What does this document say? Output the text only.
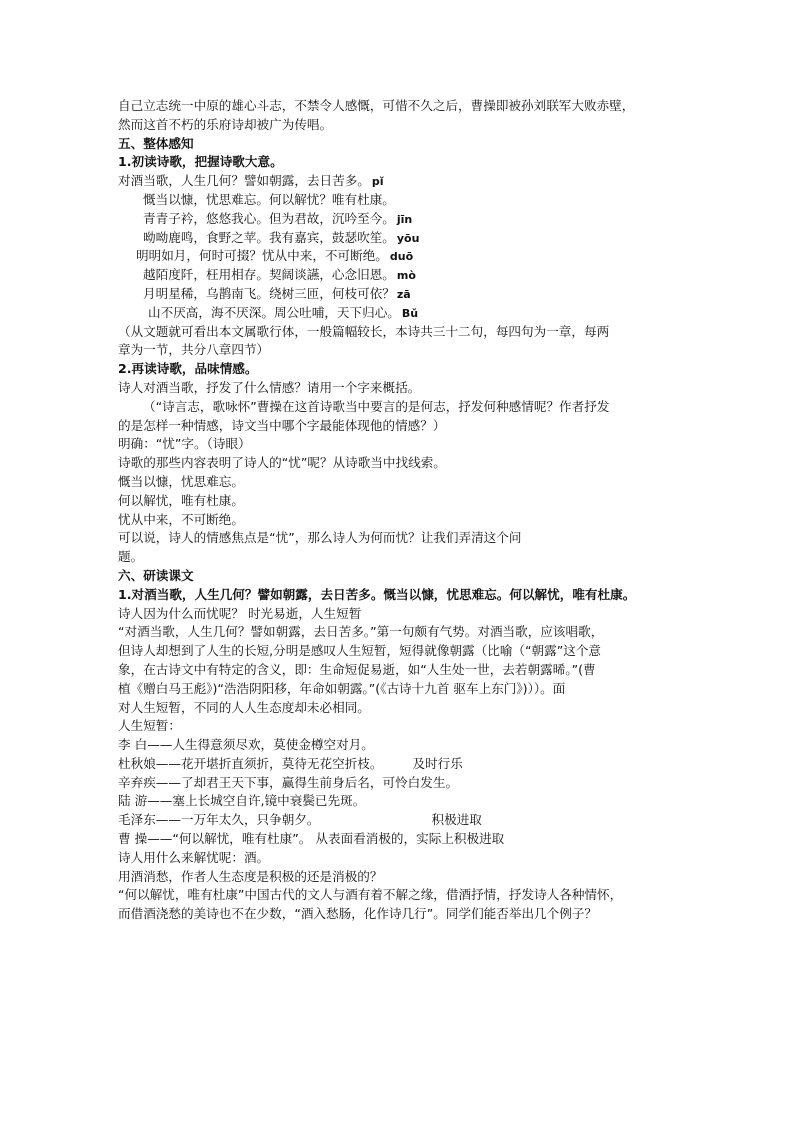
自己立志统一中原的雄心斗志，不禁令人感慨，可惜不久之后，曹操即被孙刘联军大败赤壁，
然而这首不朽的乐府诗却被广为传唱。
五、整体感知
1.初读诗歌，把握诗歌大意。
对酒当歌，人生几何？譬如朝露，去日苦多。 pǐ
慨当以慷，忧思难忘。何以解忧？唯有杜康。
青青子衿，悠悠我心。但为君故，沉吟至今。 jīn
呦呦鹿鸣，食野之苹。我有嘉宾，鼓瑟吹笙。 yōu
明明如月，何时可掇？忧从中来，不可断绝。 duō
越陌度阡，枉用相存。契阔谈讌，心念旧恩。 mò
月明星稀，乌鹊南飞。绕树三匝，何枝可依？ zā
山不厌高，海不厌深。周公吐哺，天下归心。 Bǔ
（从文题就可看出本文属歌行体，一般篇幅较长，本诗共三十二句，每四句为一章，每两
章为一节，共分八章四节）
2.再读诗歌，品味情感。
诗人对酒当歌，抒发了什么情感？请用一个字来概括。
（“诗言志，歌咏怀”曹操在这首诗歌当中要言的是何志，抒发何种感情呢？作者抒发
的是怎样一种情感，诗文当中哪个字最能体现他的情感？）
明确：“忧”字。（诗眼）
诗歌的那些内容表明了诗人的“忧”呢？从诗歌当中找线索。
慨当以慷，忧思难忘。
何以解忧，唯有杜康。
忧从中来，不可断绝。
可以说，诗人的情感焦点是“忧”，那么诗人为何而忧？让我们弄清这个问
题。
六、研读课文
1.对酒当歌，人生几何？譬如朝露，去日苦多。慨当以慷，忧思难忘。何以解忧，唯有杜康。
诗人因为什么而忧呢？ 时光易逝，人生短暂
“对酒当歌，人生几何？譬如朝露，去日苦多。”第一句颇有气势。对酒当歌，应该唱歌，
但诗人却想到了人生的长短,分明是感叹人生短暂，短得就像朝露（比喻（“朝露”这个意
象，在古诗文中有特定的含义，即：生命短促易逝，如“人生处一世，去若朝露晞。”(曹
植《赠白马王彪》)“浩浩阴阳移，年命如朝露。”(《古诗十九首 驱车上东门》)））。面
对人生短暂，不同的人人生态度却未必相同。
人生短暂：
李 白——人生得意须尽欢，莫使金樽空对月。
杜秋娘——花开堪折直须折，莫待无花空折枝。 及时行乐
辛弃疾——了却君王天下事，赢得生前身后名，可怜白发生。
陆 游——塞上长城空自许,镜中衰鬓已先斑。
毛泽东——一万年太久，只争朝夕。	积极进取
曹 操——“何以解忧，唯有杜康”。 从表面看消极的，实际上积极进取
诗人用什么来解忧呢：酒。
用酒消愁，作者人生态度是积极的还是消极的？
“何以解忧，唯有杜康”中国古代的文人与酒有着不解之缘，借酒抒情，抒发诗人各种情怀，
而借酒浇愁的美诗也不在少数，“酒入愁肠，化作诗几行”。同学们能否举出几个例子？
